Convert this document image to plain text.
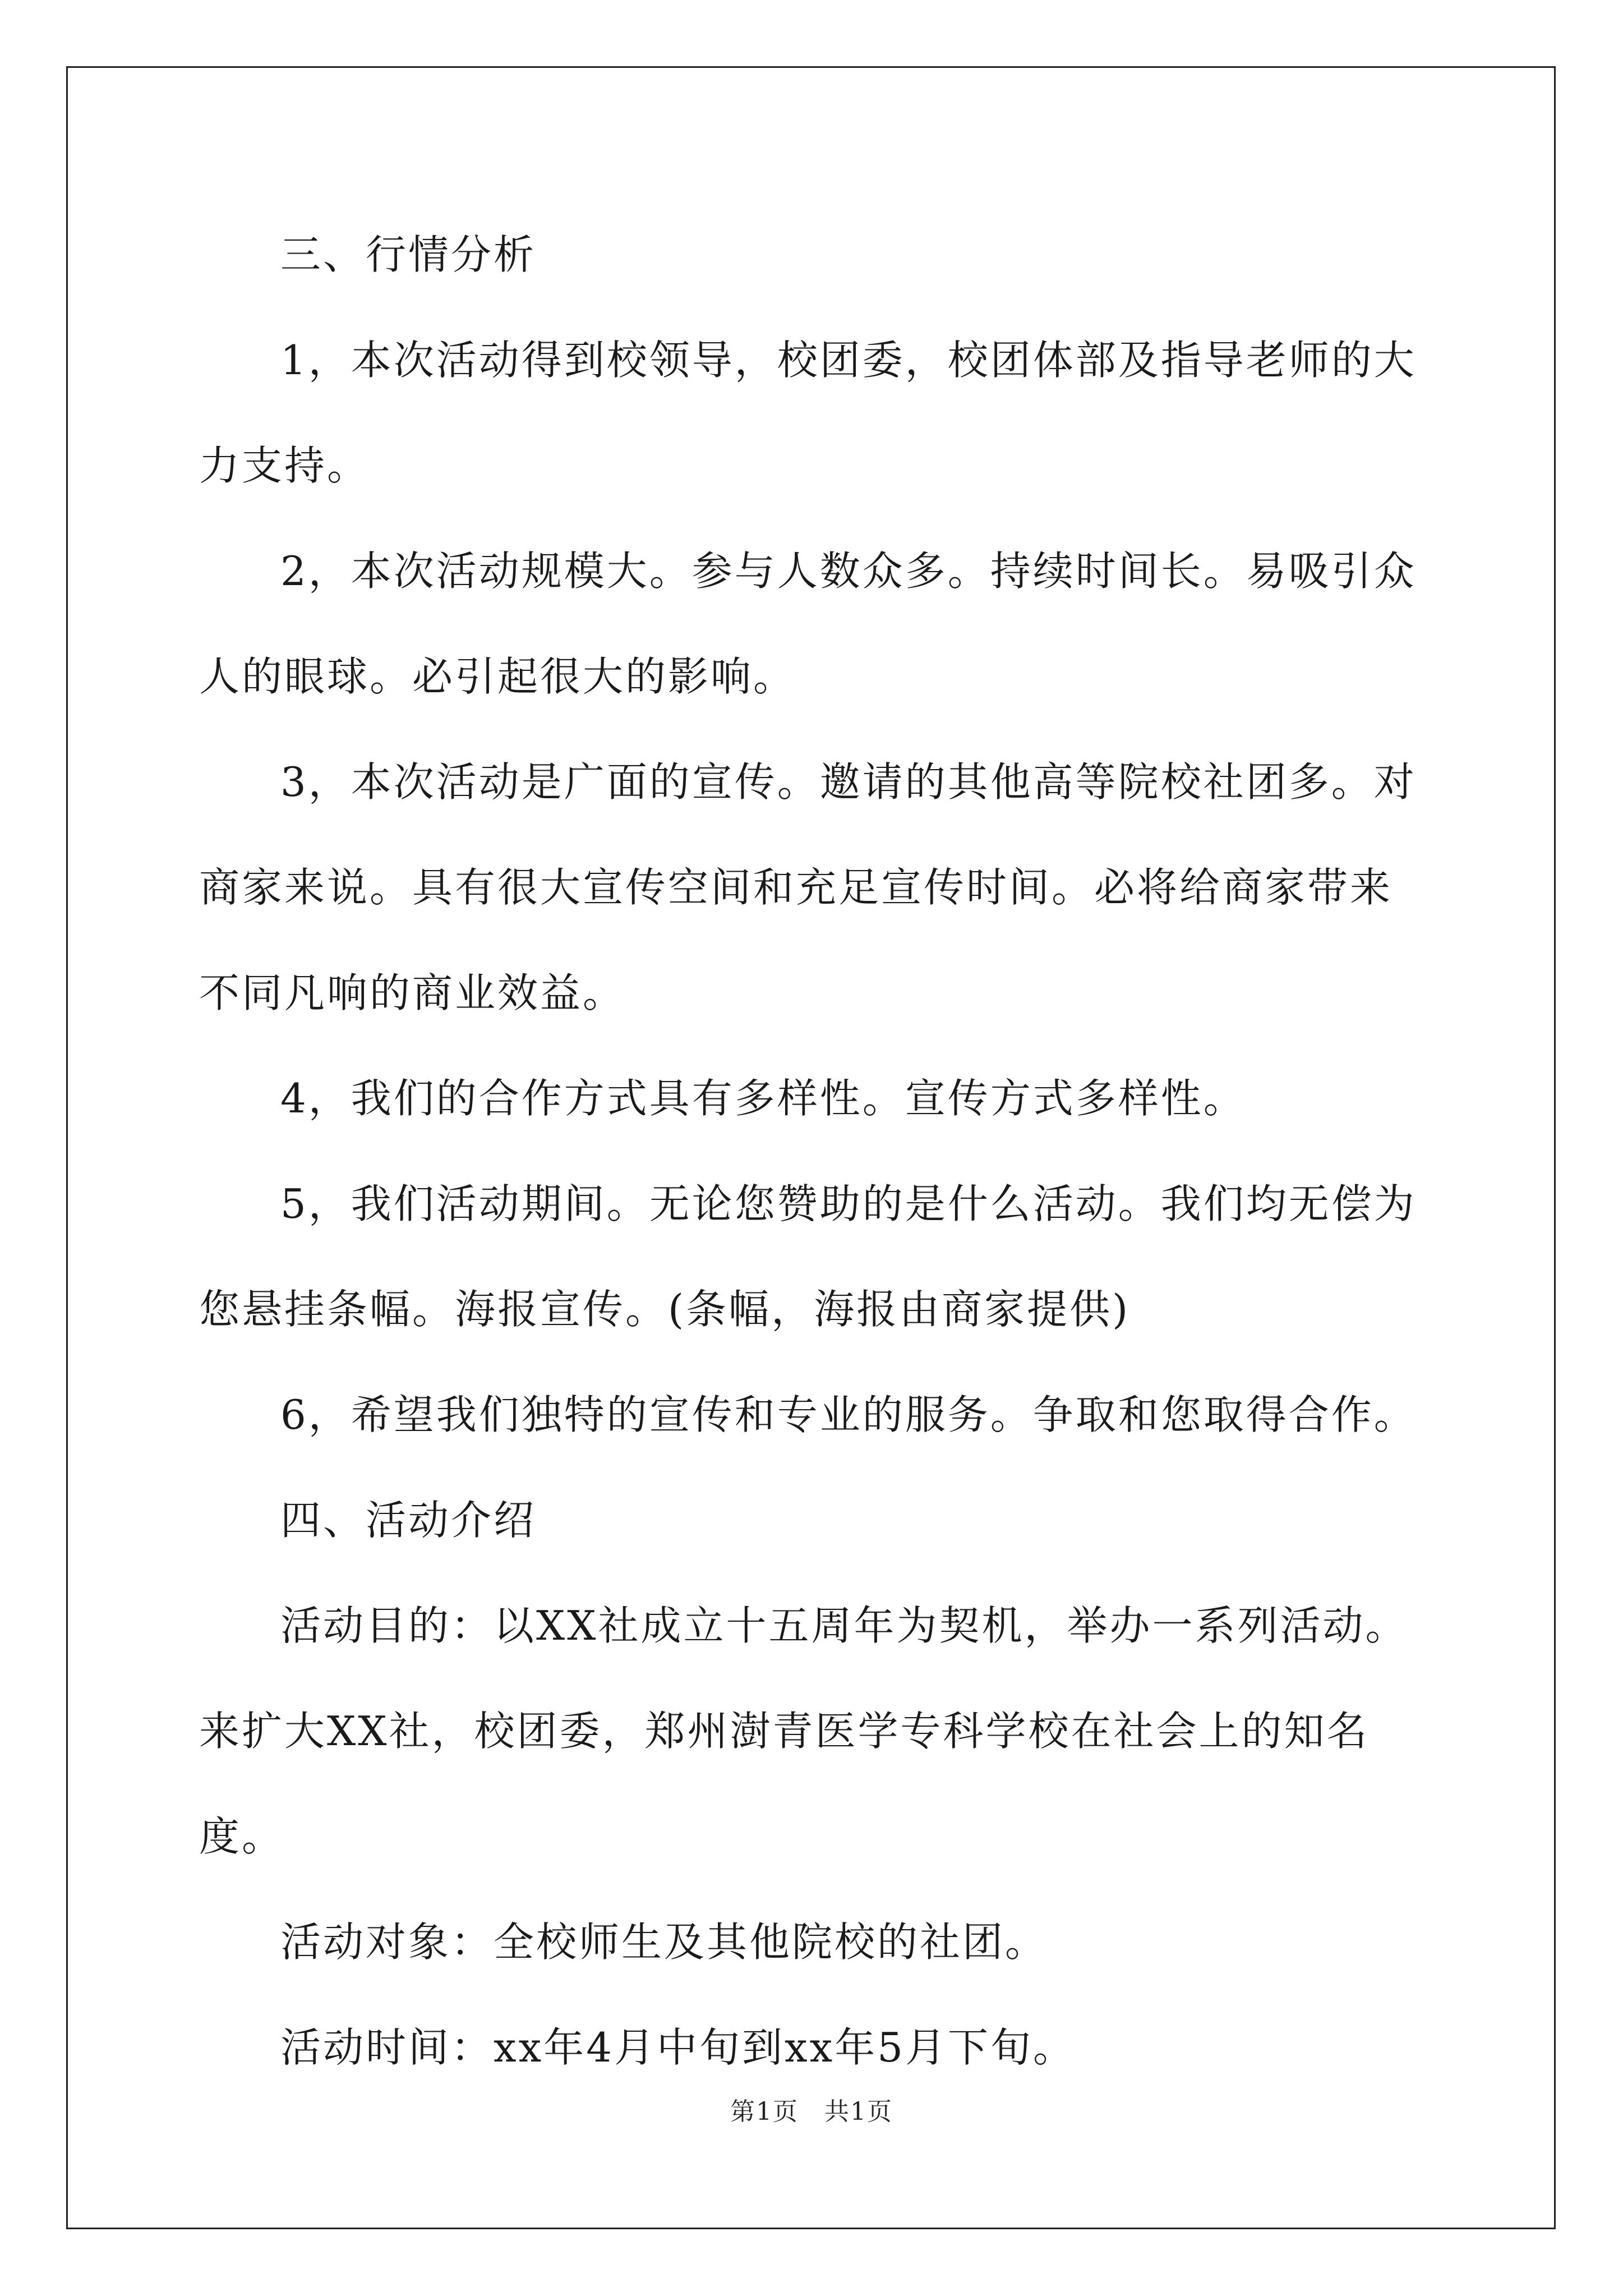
三、行情分析

1，本次活动得到校领导，校团委，校团体部及指导老师的大力支持。

2，本次活动规模大。参与人数众多。持续时间长。易吸引众人的眼球。必引起很大的影响。

3，本次活动是广面的宣传。邀请的其他高等院校社团多。对商家来说。具有很大宣传空间和充足宣传时间。必将给商家带来不同凡响的商业效益。

4，我们的合作方式具有多样性。宣传方式多样性。

5，我们活动期间。无论您赞助的是什么活动。我们均无偿为您悬挂条幅。海报宣传。(条幅，海报由商家提供)

6，希望我们独特的宣传和专业的服务。争取和您取得合作。

四、活动介绍

活动目的：以XX社成立十五周年为契机，举办一系列活动。来扩大XX社，校团委，郑州澍青医学专科学校在社会上的知名度。

活动对象：全校师生及其他院校的社团。

活动时间：xx年4月中旬到xx年5月下旬。

第1页　共1页
